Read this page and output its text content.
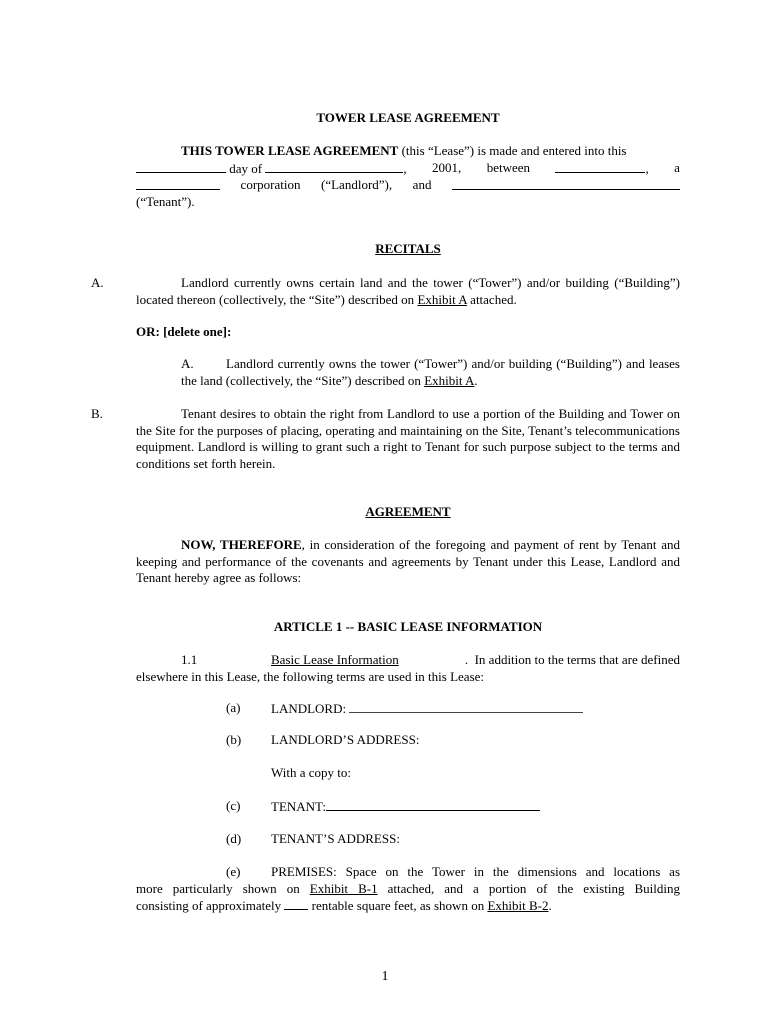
TOWER LEASE AGREEMENT
THIS TOWER LEASE AGREEMENT (this “Lease”) is made and entered into this
day of	, 2001, between	, a
corporation (“Landlord”), and
(“Tenant”).
RECITALS
A.	Landlord currently owns certain land and the tower (“Tower”) and/or building (“Building”) located thereon (collectively, the “Site”) described on Exhibit A attached.
OR: [delete one]:
A. Landlord currently owns the tower (“Tower”) and/or building (“Building”) and leases the land (collectively, the “Site”) described on Exhibit A.
B.	Tenant desires to obtain the right from Landlord to use a portion of the Building and Tower on the Site for the purposes of placing, operating and maintaining on the Site, Tenant’s telecommunications equipment. Landlord is willing to grant such a right to Tenant for such purpose subject to the terms and conditions set forth herein.
AGREEMENT
NOW, THEREFORE, in consideration of the foregoing and payment of rent by Tenant and keeping and performance of the covenants and agreements by Tenant under this Lease, Landlord and Tenant hereby agree as follows:
ARTICLE 1 -- BASIC LEASE INFORMATION
1.1	Basic Lease Information	.  In addition to the terms that are defined
elsewhere in this Lease, the following terms are used in this Lease:
(a) LANDLORD:
(b) LANDLORD’S ADDRESS:
With a copy to:
(c) TENANT:
(d) TENANT’S ADDRESS:
(e)	PREMISES: Space on the Tower in the dimensions and locations as
more particularly shown on Exhibit B-1 attached, and a portion of the existing Building
consisting of approximately  rentable square feet, as shown on Exhibit B-2.
1
